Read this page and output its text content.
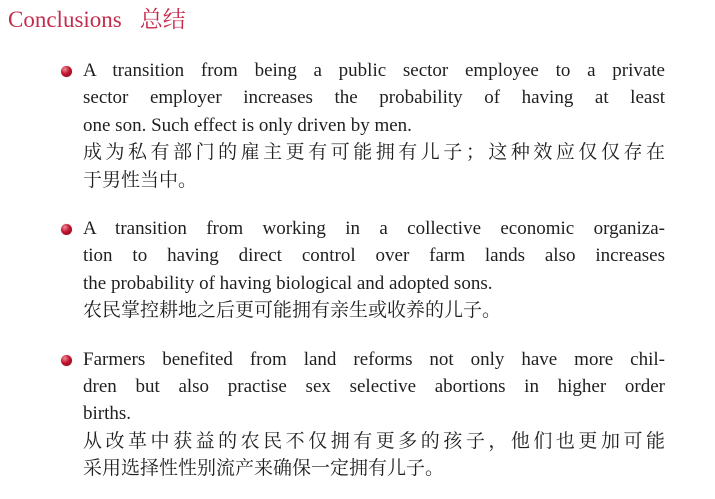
Conclusions 总结
A transition from being a public sector employee to a private
sector employer increases the probability of having at least
one son. Such effect is only driven by men.
成为私有部门的雇主更有可能拥有儿子；这种效应仅仅存在
于男性当中。
A transition from working in a collective economic organiza-
tion to having direct control over farm lands also increases
the probability of having biological and adopted sons.
农民掌控耕地之后更可能拥有亲生或收养的儿子。
Farmers benefited from land reforms not only have more chil-
dren but also practise sex selective abortions in higher order
births.
从改革中获益的农民不仅拥有更多的孩子，他们也更加可能
采用选择性性别流产来确保一定拥有儿子。
